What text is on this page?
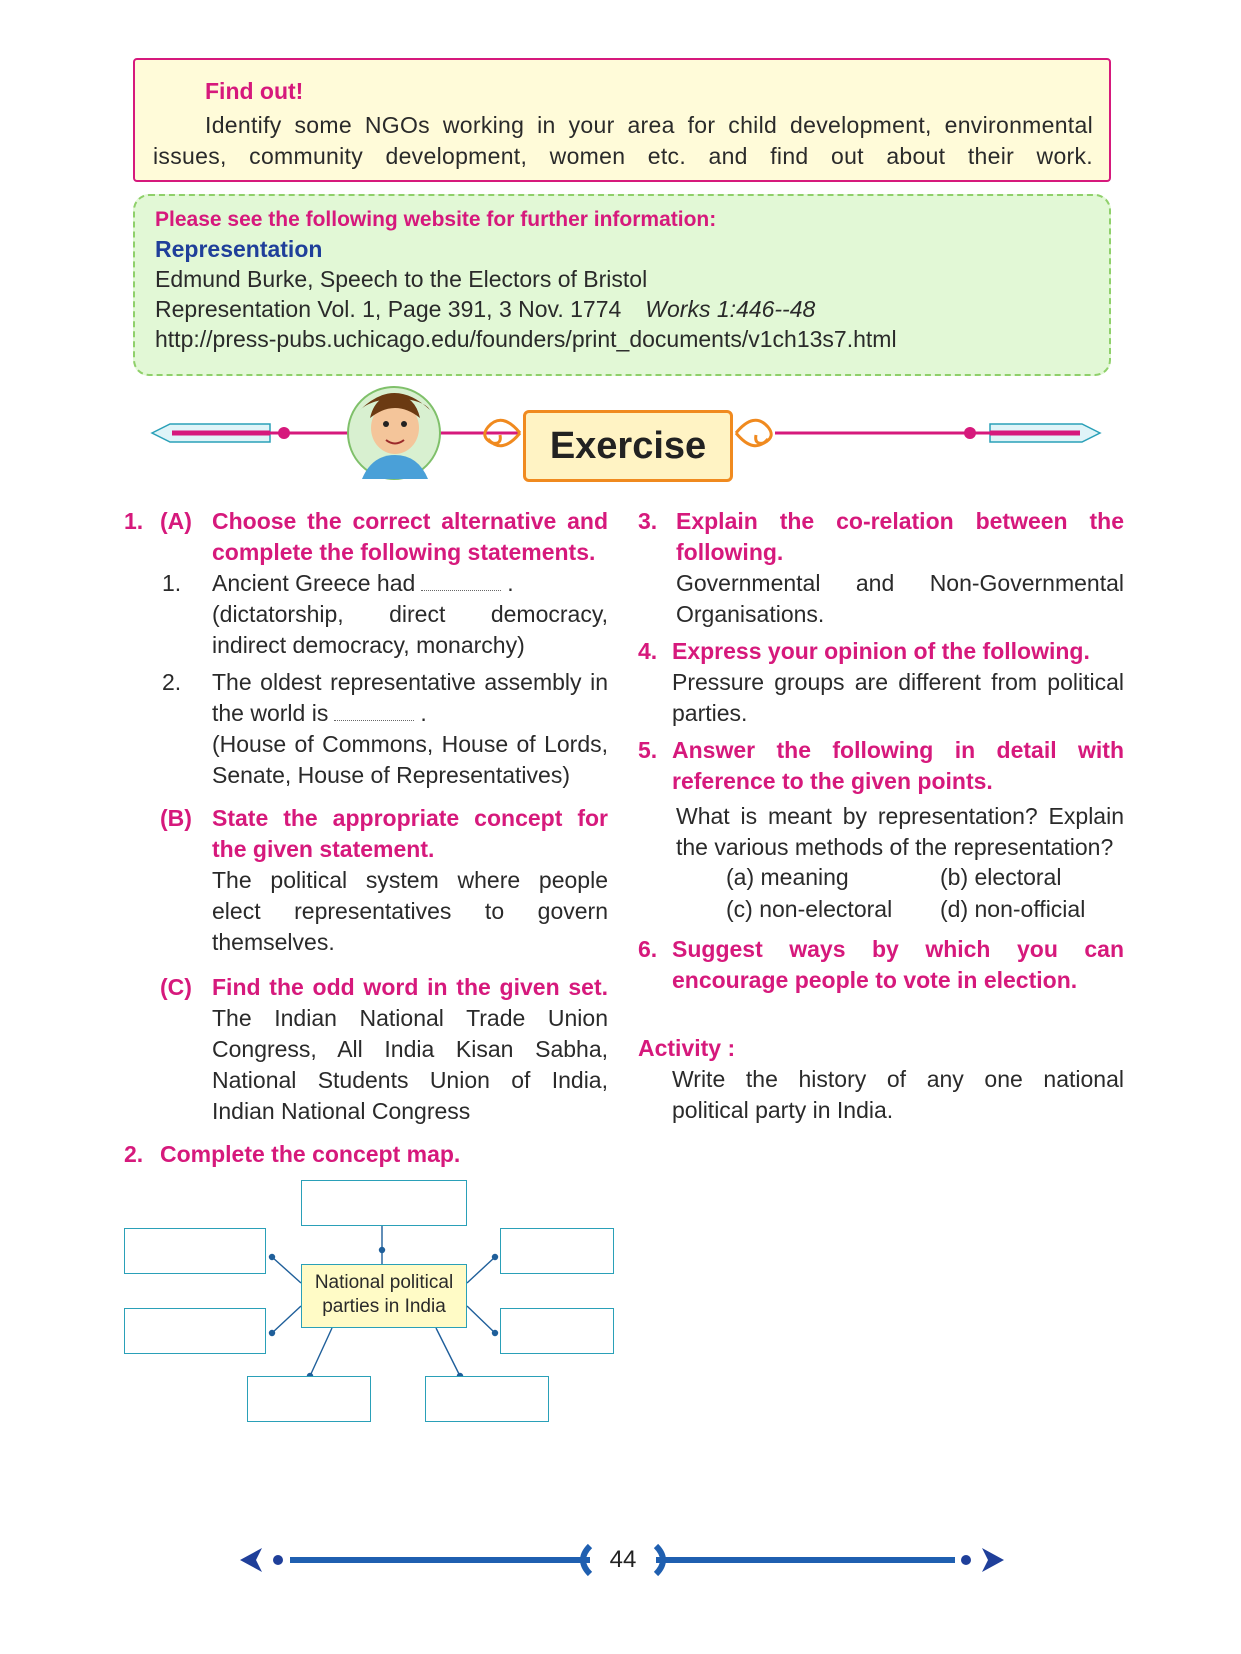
Find out!
Identify some NGOs working in your area for child development, environmental
issues, community development, women etc. and find out about their work.
Please see the following website for further information:
Representation
Edmund Burke, Speech to the Electors of Bristol
Representation Vol. 1, Page 391, 3 Nov. 1774 Works 1:446--48
http://press-pubs.uchicago.edu/founders/print_documents/v1ch13s7.html
Exercise
1. (A) Choose the correct alternative and
complete the following statements.
1. Ancient Greece had	.
(dictatorship, direct democracy,
indirect democracy, monarchy)
2. The oldest representative assembly in
the world is	.
(House of Commons, House of Lords,
Senate, House of Representatives)
(B) State the appropriate concept for
the given statement.
The political system where people
elect representatives to govern
themselves.
(C) Find the odd word in the given set.
The Indian National Trade Union
Congress, All India Kisan Sabha,
National Students Union of India,
Indian National Congress
2. Complete the concept map.
National political
parties in India
3. Explain the co-relation between the
following.
Governmental and Non-Governmental
Organisations.
4. Express your opinion of the following.
Pressure groups are different from political
parties.
5. Answer the following in detail with
reference to the given points.
What is meant by representation? Explain
the various methods of the representation?
(a) meaning	(b) electoral
(c) non-electoral (d) non-official
6. Suggest ways by which you can
encourage people to vote in election.
Activity :
Write the history of any one national
political party in India.
44
